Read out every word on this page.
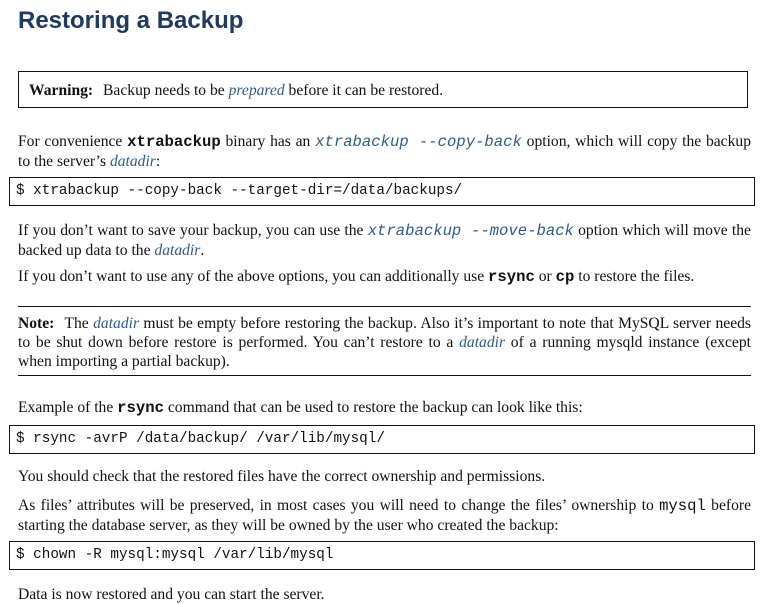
Restoring a Backup
Warning: Backup needs to be prepared before it can be restored.

For convenience xtrabackup binary has an xtrabackup --copy-back option, which will copy the backup to the server’s datadir:

$ xtrabackup --copy-back --target-dir=/data/backups/

If you don’t want to save your backup, you can use the xtrabackup --move-back option which will move the backed up data to the datadir.

If you don’t want to use any of the above options, you can additionally use rsync or cp to restore the files.

Note: The datadir must be empty before restoring the backup. Also it’s important to note that MySQL server needs to be shut down before restore is performed. You can’t restore to a datadir of a running mysqld instance (except when importing a partial backup).

Example of the rsync command that can be used to restore the backup can look like this:

$ rsync -avrP /data/backup/ /var/lib/mysql/

You should check that the restored files have the correct ownership and permissions.

As files’ attributes will be preserved, in most cases you will need to change the files’ ownership to mysql before starting the database server, as they will be owned by the user who created the backup:

$ chown -R mysql:mysql /var/lib/mysql

Data is now restored and you can start the server.
